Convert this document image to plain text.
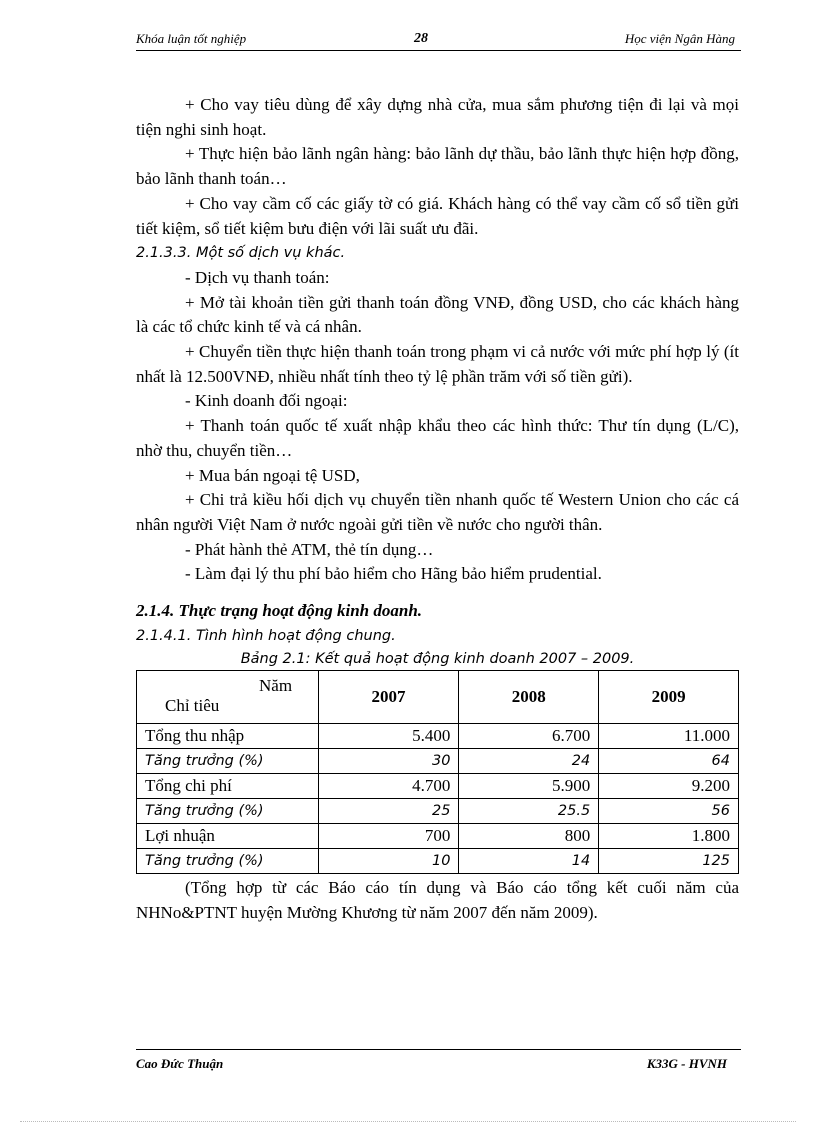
Khóa luận tốt nghiệp	28	Học viện Ngân Hàng

+ Cho vay tiêu dùng để xây dựng nhà cửa, mua sắm phương tiện đi lại và mọi tiện nghi sinh hoạt.

+ Thực hiện bảo lãnh ngân hàng: bảo lãnh dự thầu, bảo lãnh thực hiện hợp đồng, bảo lãnh thanh toán…

+ Cho vay cầm cố các giấy tờ có giá. Khách hàng có thể vay cầm cố sổ tiền gửi tiết kiệm, sổ tiết kiệm bưu điện với lãi suất ưu đãi.

2.1.3.3. Một số dịch vụ khác.

- Dịch vụ thanh toán:

+ Mở tài khoản tiền gửi thanh toán đồng VNĐ, đồng USD, cho các khách hàng là các tổ chức kinh tế và cá nhân.

+ Chuyển tiền thực hiện thanh toán trong phạm vi cả nước với mức phí hợp lý (ít nhất là 12.500VNĐ, nhiều nhất tính theo tỷ lệ phần trăm với số tiền gửi).

- Kinh doanh đối ngoại:

+ Thanh toán quốc tế xuất nhập khẩu theo các hình thức: Thư tín dụng (L/C), nhờ thu, chuyển tiền…

+ Mua bán ngoại tệ USD,

+ Chi trả kiều hối dịch vụ chuyển tiền nhanh quốc tế Western Union cho các cá nhân người Việt Nam ở nước ngoài gửi tiền về nước cho người thân.

- Phát hành thẻ ATM, thẻ tín dụng…

- Làm đại lý thu phí bảo hiểm cho Hãng bảo hiểm prudential.

2.1.4. Thực trạng hoạt động kinh doanh.

2.1.4.1. Tình hình hoạt động chung.

Bảng 2.1: Kết quả hoạt động kinh doanh 2007 – 2009.

Năm
Chỉ tiêu	2007	2008	2009
Tổng thu nhập	5.400	6.700	11.000
Tăng trưởng (%)	30	24	64
Tổng chi phí	4.700	5.900	9.200
Tăng trưởng (%)	25	25.5	56
Lợi nhuận	700	800	1.800
Tăng trưởng (%)	10	14	125

(Tổng hợp từ các Báo cáo tín dụng và Báo cáo tổng kết cuối năm của NHNo&PTNT huyện Mường Khương từ năm 2007 đến năm 2009).

Cao Đức Thuận	K33G - HVNH
